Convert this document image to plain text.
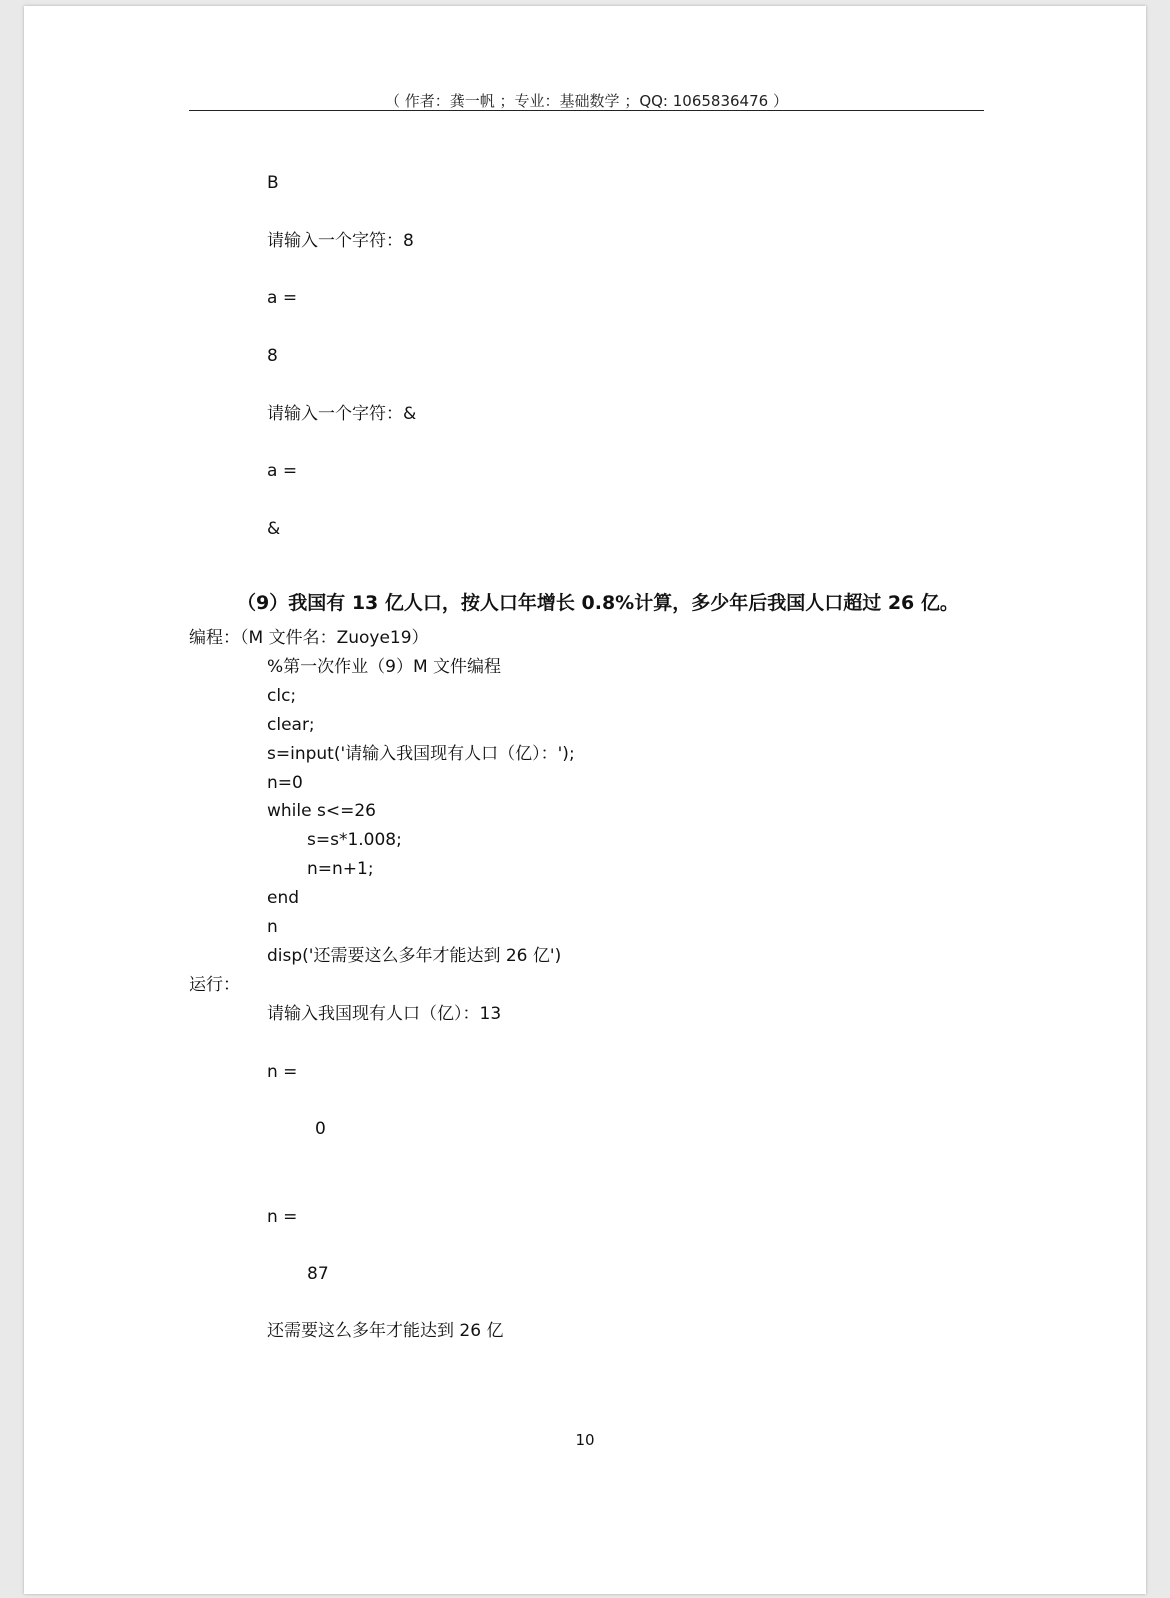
（ 作者：龚一帆 ；专业：基础数学 ；QQ: 1065836476 ）
B
请输入一个字符：8
a =
8
请输入一个字符：&
a =
&
（9）我国有 13 亿人口，按人口年增长 0.8%计算，多少年后我国人口超过 26 亿。
编程：（M 文件名：Zuoye19）
%第一次作业（9）M 文件编程
clc;
clear;
s=input('请输入我国现有人口（亿）：');
n=0
while s<=26
s=s*1.008;
n=n+1;
end
n
disp('还需要这么多年才能达到 26 亿')
运行：
请输入我国现有人口（亿）：13
n =
0
n =
87
还需要这么多年才能达到 26 亿
10
